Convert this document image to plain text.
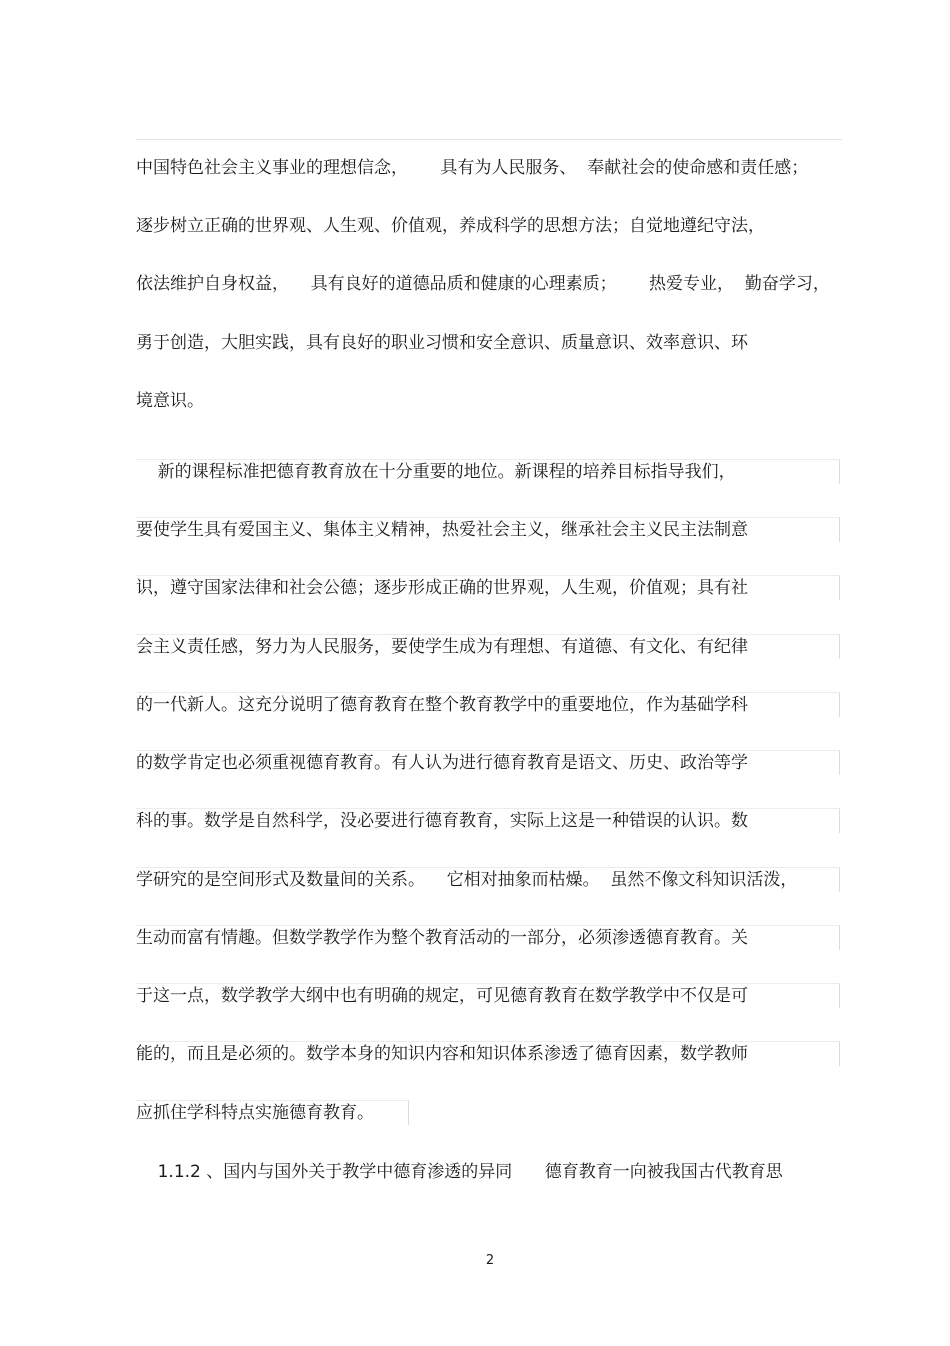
中国特色社会主义事业的理想信念，      具有为人民服务、  奉献社会的使命感和责任感；
逐步树立正确的世界观、人生观、价值观，养成科学的思想方法；自觉地遵纪守法，
依法维护自身权益，    具有良好的道德品质和健康的心理素质；      热爱专业，  勤奋学习，
勇于创造，大胆实践，具有良好的职业习惯和安全意识、质量意识、效率意识、环
境意识。
新的课程标准把德育教育放在十分重要的地位。新课程的培养目标指导我们，
要使学生具有爱国主义、集体主义精神，热爱社会主义，继承社会主义民主法制意
识，遵守国家法律和社会公德；逐步形成正确的世界观，人生观，价值观；具有社
会主义责任感，努力为人民服务，要使学生成为有理想、有道德、有文化、有纪律
的一代新人。这充分说明了德育教育在整个教育教学中的重要地位，作为基础学科
的数学肯定也必须重视德育教育。有人认为进行德育教育是语文、历史、政治等学
科的事。数学是自然科学，没必要进行德育教育，实际上这是一种错误的认识。数
学研究的是空间形式及数量间的关系。    它相对抽象而枯燥。  虽然不像文科知识活泼，
生动而富有情趣。但数学教学作为整个教育活动的一部分，必须渗透德育教育。关
于这一点，数学教学大纲中也有明确的规定，可见德育教育在数学教学中不仅是可
能的，而且是必须的。数学本身的知识内容和知识体系渗透了德育因素，数学教师
应抓住学科特点实施德育教育。
1.1.2 、国内与国外关于教学中德育渗透的异同      德育教育一向被我国古代教育思
2
